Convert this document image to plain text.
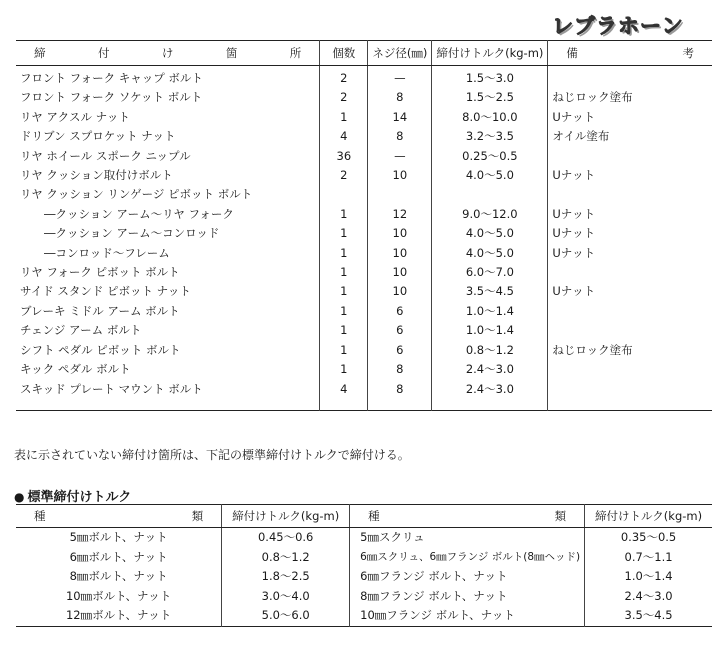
レブラホーン
締 付 け 箇 所	個数	ネジ径(㎜)	締付けトルク(kg-m)	備 考

フロント フォーク キャップ ボルト	2	—	1.5～3.0	
フロント フォーク ソケット ボルト	2	8	1.5～2.5	ねじロック塗布
リヤ アクスル ナット	1	14	8.0～10.0	Uナット
ドリブン スプロケット ナット	4	8	3.2～3.5	オイル塗布
リヤ ホイール スポーク ニップル	36	—	0.25～0.5	
リヤ クッション取付けボルト	2	10	4.0～5.0	Uナット
リヤ クッション リンゲージ ピボット ボルト				
―クッション アーム～リヤ フォーク	1	12	9.0～12.0	Uナット
―クッション アーム～コンロッド	1	10	4.0～5.0	Uナット
―コンロッド～フレーム	1	10	4.0～5.0	Uナット
リヤ フォーク ピボット ボルト	1	10	6.0～7.0	
サイド スタンド ピボット ナット	1	10	3.5～4.5	Uナット
ブレーキ ミドル アーム ボルト	1	6	1.0～1.4	
チェンジ アーム ボルト	1	6	1.0～1.4	
シフト ペダル ピボット ボルト	1	6	0.8～1.2	ねじロック塗布
キック ペダル ボルト	1	8	2.4～3.0	
スキッド プレート マウント ボルト	4	8	2.4～3.0	
表に示されていない締付け箇所は、下記の標準締付けトルクで締付ける。
● 標準締付けトルク
種 類	締付けトルク(kg-m)	種 類	締付けトルク(kg-m)
5㎜ボルト、ナット	0.45～0.6	5㎜スクリュ	0.35～0.5
6㎜ボルト、ナット	0.8～1.2	6㎜スクリュ、6㎜フランジ ボルト(8㎜ヘッド)	0.7～1.1
8㎜ボルト、ナット	1.8～2.5	6㎜フランジ ボルト、ナット	1.0～1.4
10㎜ボルト、ナット	3.0～4.0	8㎜フランジ ボルト、ナット	2.4～3.0
12㎜ボルト、ナット	5.0～6.0	10㎜フランジ ボルト、ナット	3.5～4.5
